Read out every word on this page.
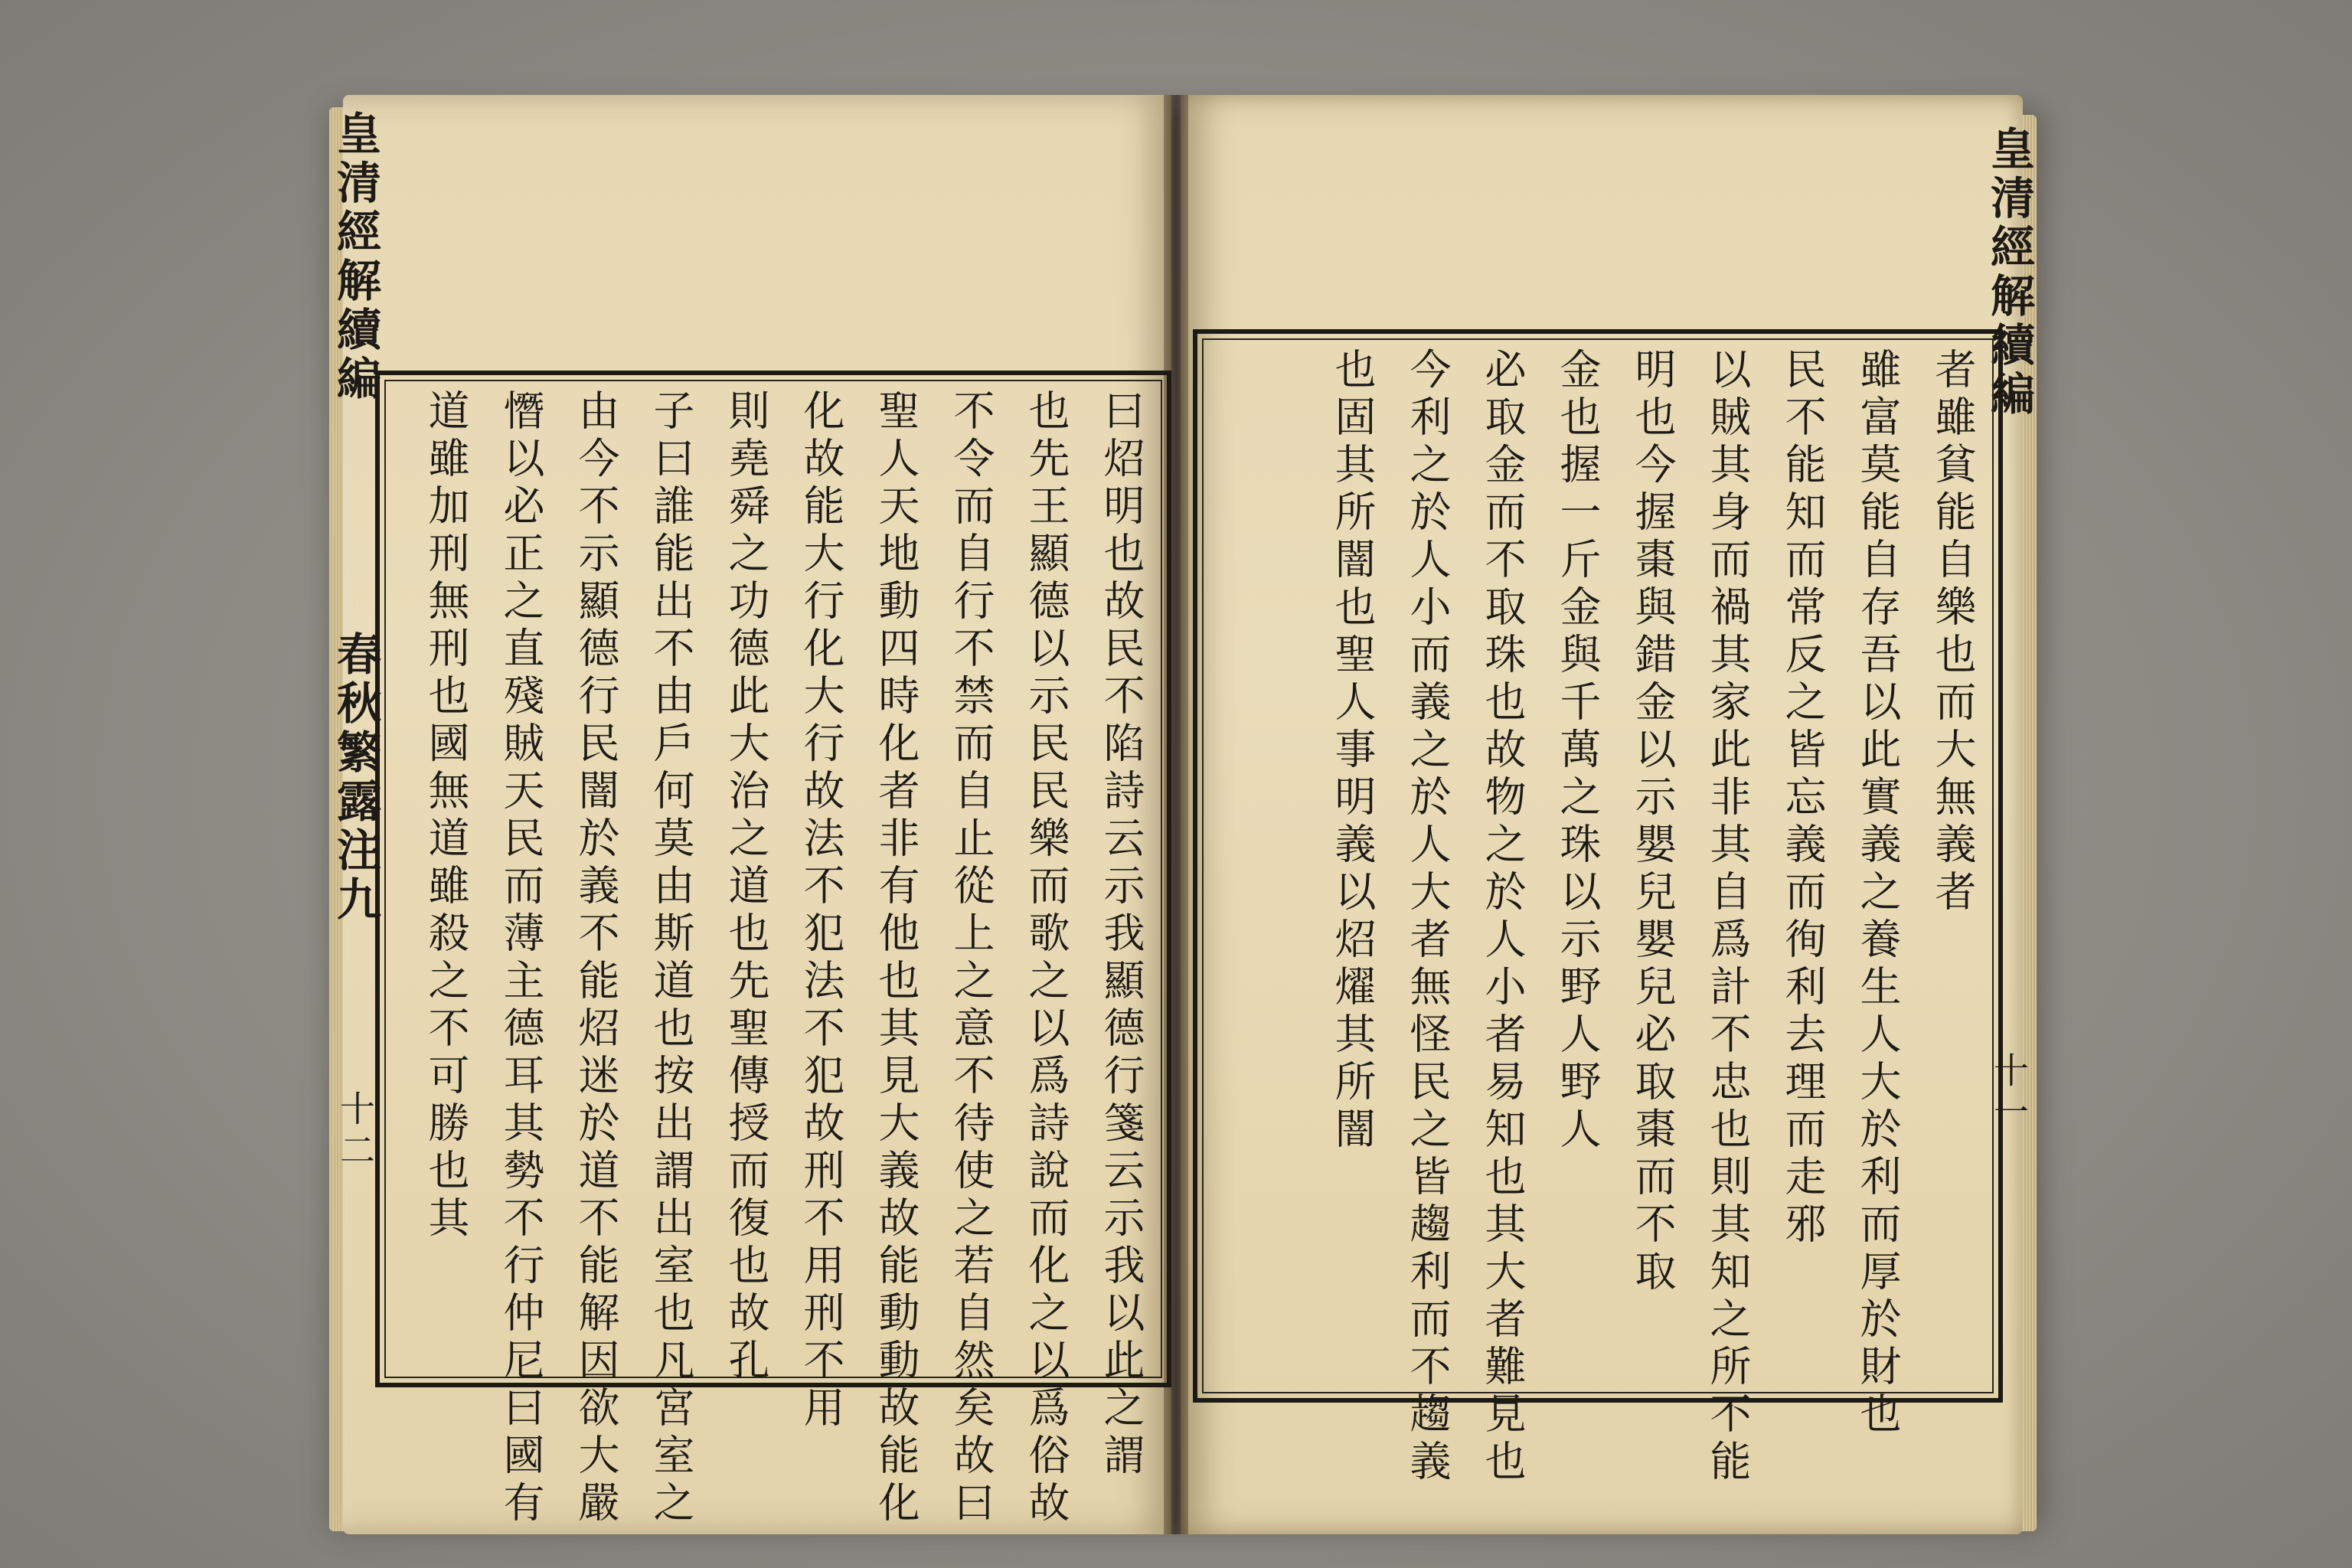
皇清經解續編
春秋繁露注九
十二
皇清經解續編
十一
曰炤明也故民不陷詩云示我顯德行箋云示我以此之謂
也先王顯德以示民民樂而歌之以爲詩說而化之以爲俗故
不令而自行不禁而自止從上之意不待使之若自然矣故曰
聖人天地動四時化者非有他也其見大義故能動動故能化
化故能大行化大行故法不犯法不犯故刑不用刑不用
則堯舜之功德此大治之道也先聖傳授而復也故孔
子曰誰能出不由戶何莫由斯道也按出謂出室也凡宮室之
由今不示顯德行民闇於義不能炤迷於道不能解因欲大嚴
憯以必正之直殘賊天民而薄主德耳其勢不行仲尼曰國有
道雖加刑無刑也國無道雖殺之不可勝也其	者雖貧能自樂也而大無義者
雖富莫能自存吾以此實義之養生人大於利而厚於財也
民不能知而常反之皆忘義而徇利去理而走邪
以賊其身而禍其家此非其自爲計不忠也則其知之所不能
明也今握棗與錯金以示嬰兒嬰兒必取棗而不取
金也握一斤金與千萬之珠以示野人野人
必取金而不取珠也故物之於人小者易知也其大者難見也
今利之於人小而義之於人大者無怪民之皆趨利而不趨義
也固其所闇也聖人事明義以炤燿其所闇
